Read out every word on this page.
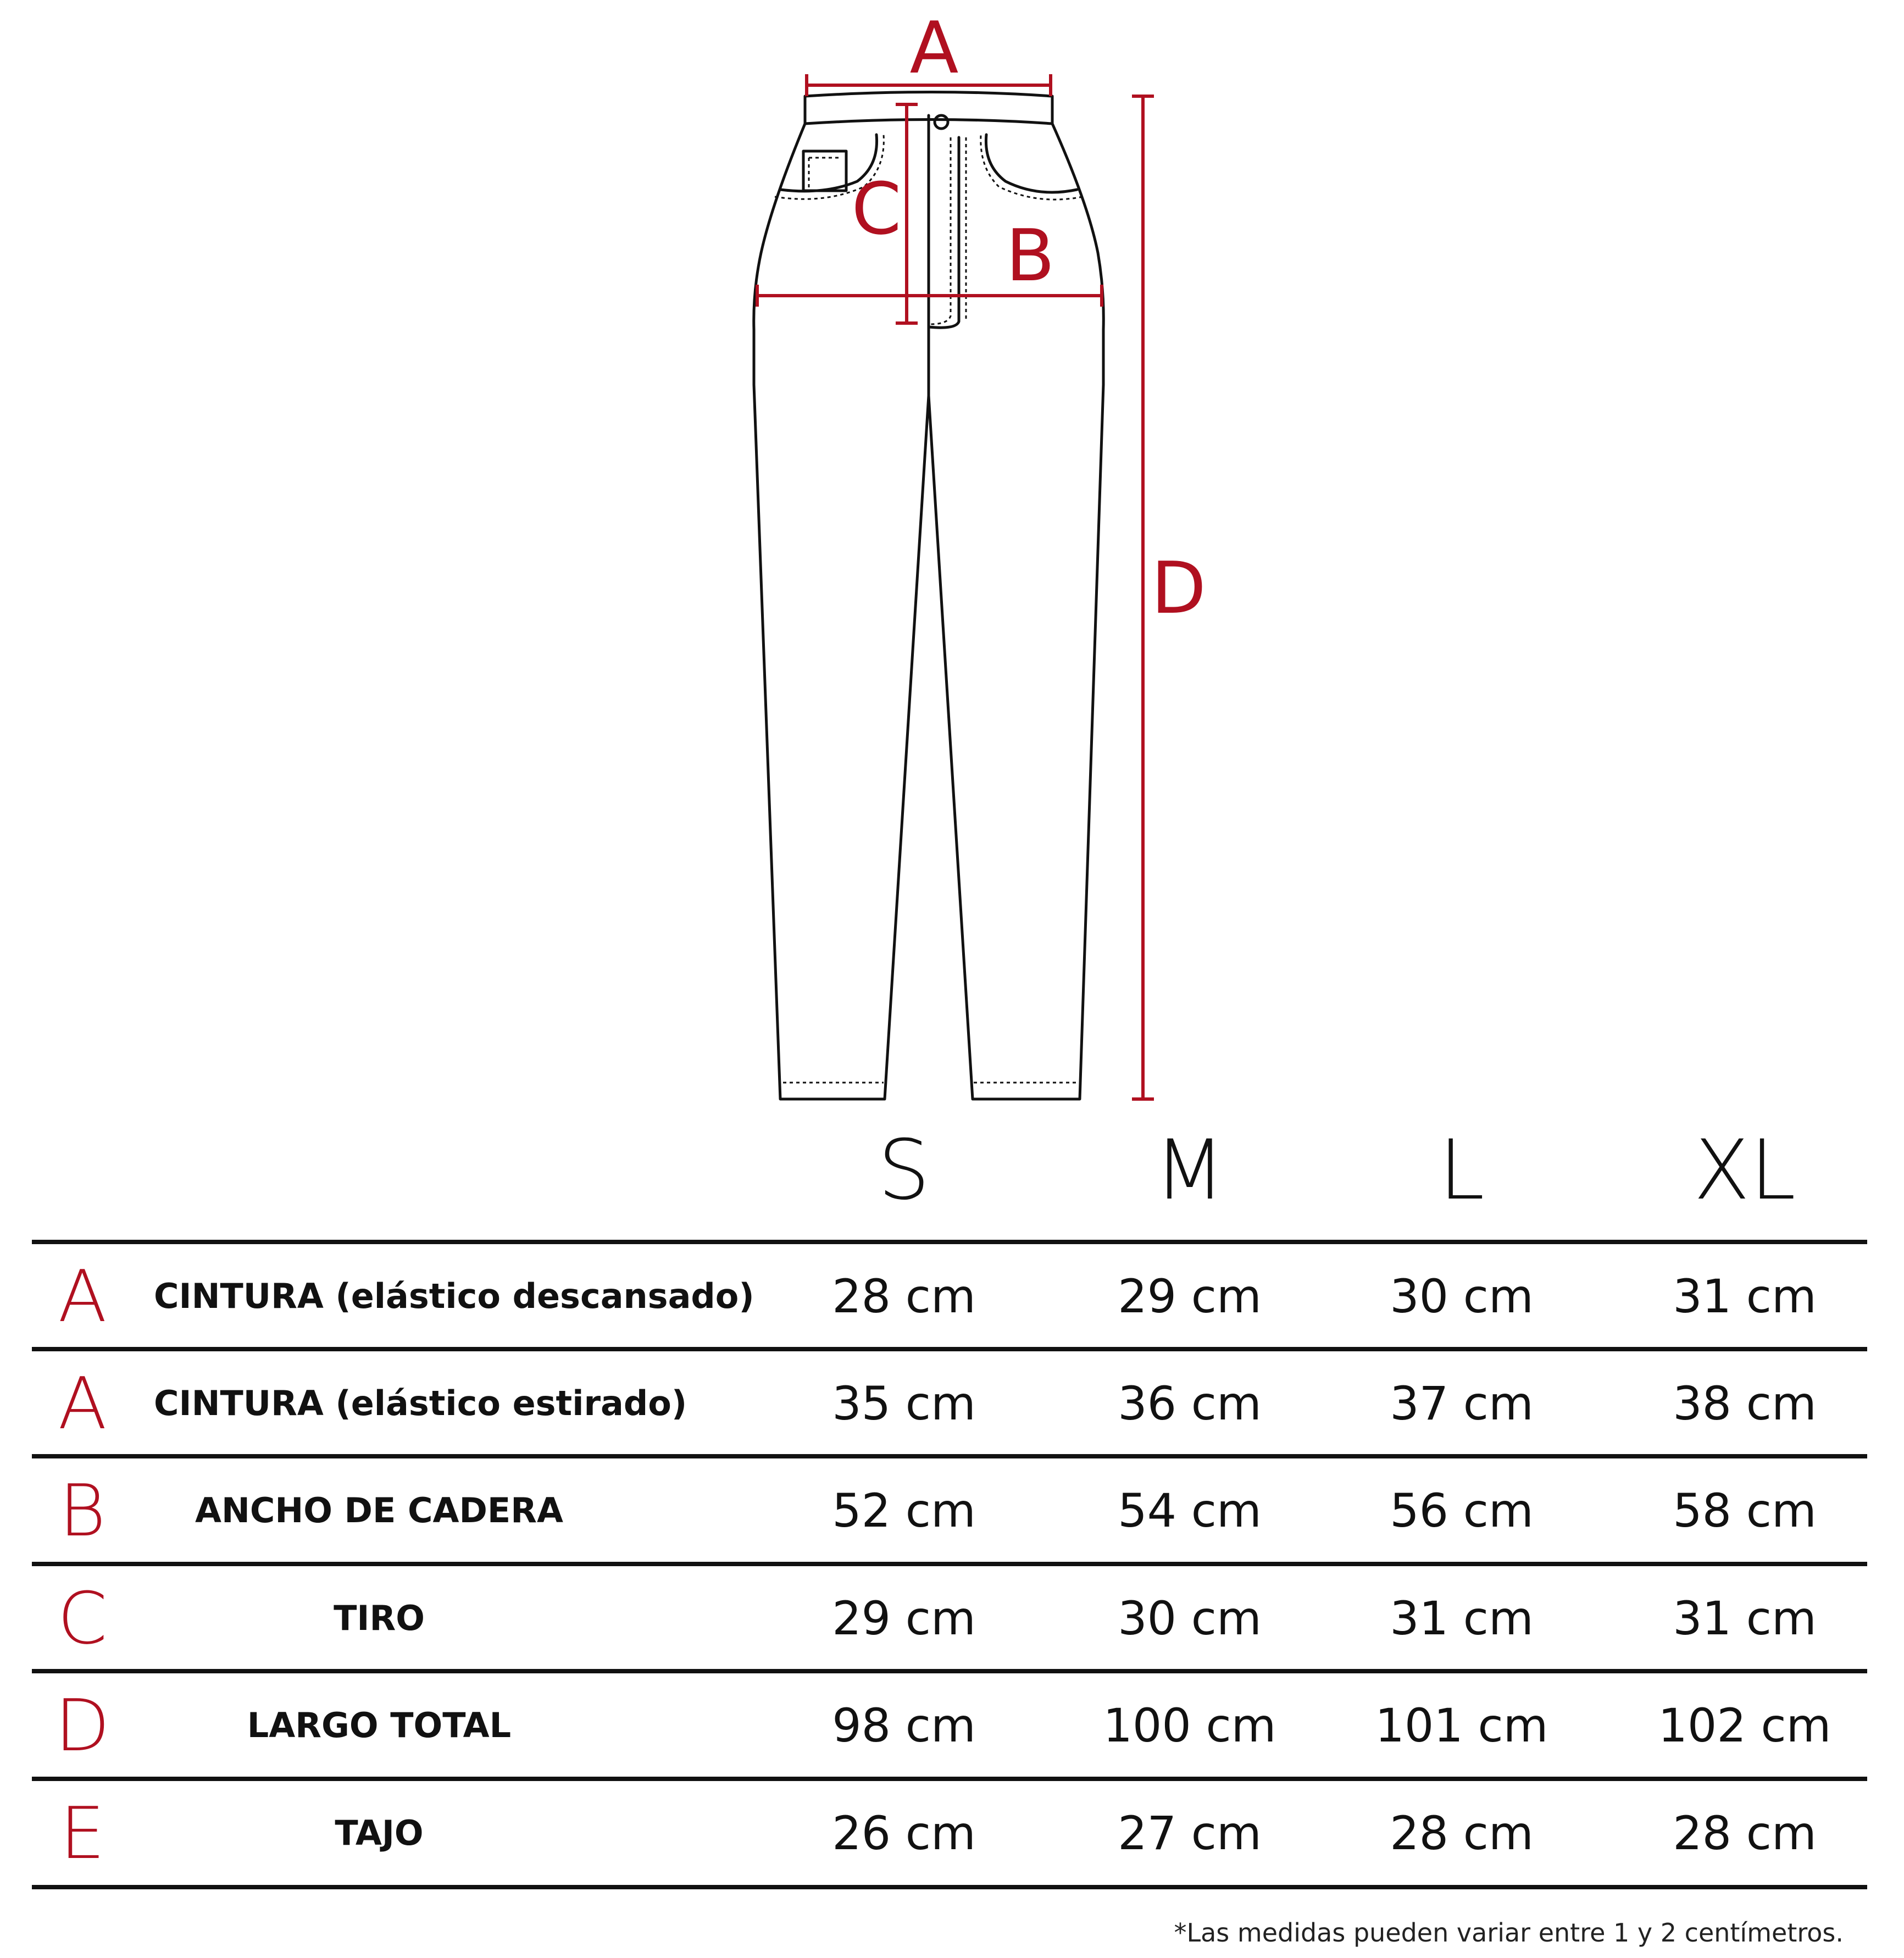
A
B
C
D
S	M	L	XL
A CINTURA (elástico descansado)	28 cm	29 cm	30 cm	31 cm
A CINTURA (elástico estirado)	35 cm	36 cm	37 cm	38 cm
B	ANCHO DE CADERA	52 cm	54 cm	56 cm	58 cm
C	TIRO	29 cm	30 cm	31 cm	31 cm
D	LARGO TOTAL	98 cm	100 cm	101 cm	102 cm
E	TAJO	26 cm	27 cm	28 cm	28 cm
*Las medidas pueden variar entre 1 y 2 centímetros.
